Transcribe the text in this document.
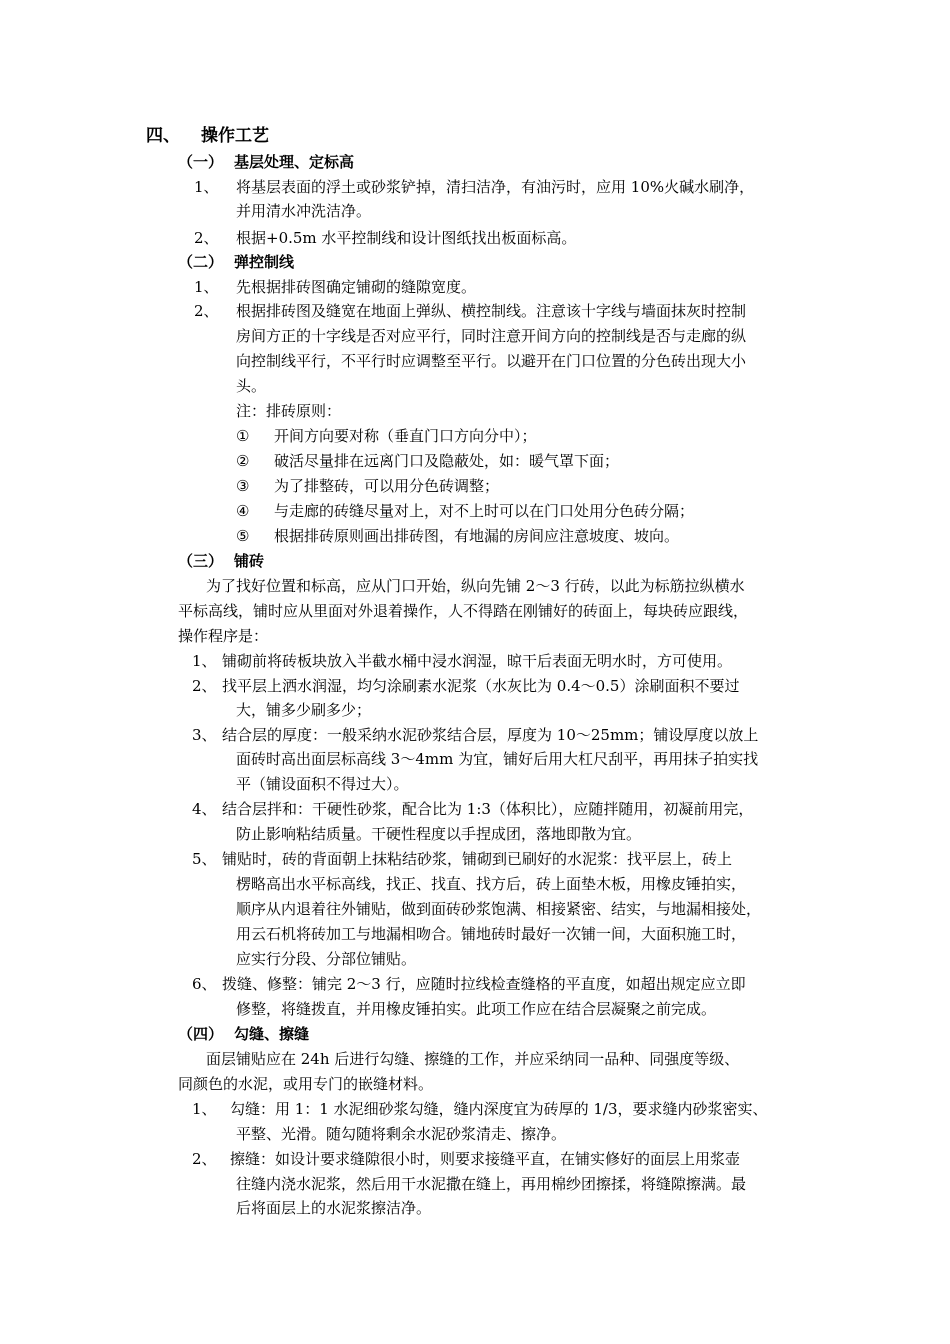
四、 操作工艺
（一） 基层处理、定标高
1、 将基层表面的浮土或砂浆铲掉，清扫洁净，有油污时，应用 10%火碱水刷净，
并用清水冲洗洁净。
2、 根据+0.5m 水平控制线和设计图纸找出板面标高。
（二） 弹控制线
1、 先根据排砖图确定铺砌的缝隙宽度。
2、 根据排砖图及缝宽在地面上弹纵、横控制线。注意该十字线与墙面抹灰时控制
房间方正的十字线是否对应平行，同时注意开间方向的控制线是否与走廊的纵
向控制线平行，不平行时应调整至平行。以避开在门口位置的分色砖出现大小
头。
注：排砖原则：
① 开间方向要对称（垂直门口方向分中）；
② 破活尽量排在远离门口及隐蔽处，如：暖气罩下面；
③ 为了排整砖，可以用分色砖调整；
④ 与走廊的砖缝尽量对上，对不上时可以在门口处用分色砖分隔；
⑤ 根据排砖原则画出排砖图，有地漏的房间应注意坡度、坡向。
（三） 铺砖
为了找好位置和标高，应从门口开始，纵向先铺 2～3 行砖，以此为标筋拉纵横水
平标高线，铺时应从里面对外退着操作，人不得踏在刚铺好的砖面上，每块砖应跟线，
操作程序是：
1、 铺砌前将砖板块放入半截水桶中浸水润湿，晾干后表面无明水时，方可使用。
2、 找平层上洒水润湿，均匀涂刷素水泥浆（水灰比为 0.4～0.5）涂刷面积不要过
大，铺多少刷多少；
3、 结合层的厚度：一般采纳水泥砂浆结合层，厚度为 10～25mm；铺设厚度以放上
面砖时高出面层标高线 3～4mm 为宜，铺好后用大杠尺刮平，再用抹子拍实找
平（铺设面积不得过大）。
4、 结合层拌和：干硬性砂浆，配合比为 1:3（体积比），应随拌随用，初凝前用完，
防止影响粘结质量。干硬性程度以手捏成团，落地即散为宜。
5、 铺贴时，砖的背面朝上抹粘结砂浆，铺砌到已刷好的水泥浆：找平层上，砖上
楞略高出水平标高线，找正、找直、找方后，砖上面垫木板，用橡皮锤拍实，
顺序从内退着往外铺贴，做到面砖砂浆饱满、相接紧密、结实，与地漏相接处，
用云石机将砖加工与地漏相吻合。铺地砖时最好一次铺一间，大面积施工时，
应实行分段、分部位铺贴。
6、 拨缝、修整：铺完 2～3 行，应随时拉线检查缝格的平直度，如超出规定应立即
修整，将缝拨直，并用橡皮锤拍实。此项工作应在结合层凝聚之前完成。
（四） 勾缝、擦缝
面层铺贴应在 24h 后进行勾缝、擦缝的工作，并应采纳同一品种、同强度等级、
同颜色的水泥，或用专门的嵌缝材料。
1、 勾缝：用 1：1 水泥细砂浆勾缝，缝内深度宜为砖厚的 1/3，要求缝内砂浆密实、
平整、光滑。随勾随将剩余水泥砂浆清走、擦净。
2、 擦缝：如设计要求缝隙很小时，则要求接缝平直，在铺实修好的面层上用浆壶
往缝内浇水泥浆，然后用干水泥撒在缝上，再用棉纱团擦揉，将缝隙擦满。最
后将面层上的水泥浆擦洁净。
